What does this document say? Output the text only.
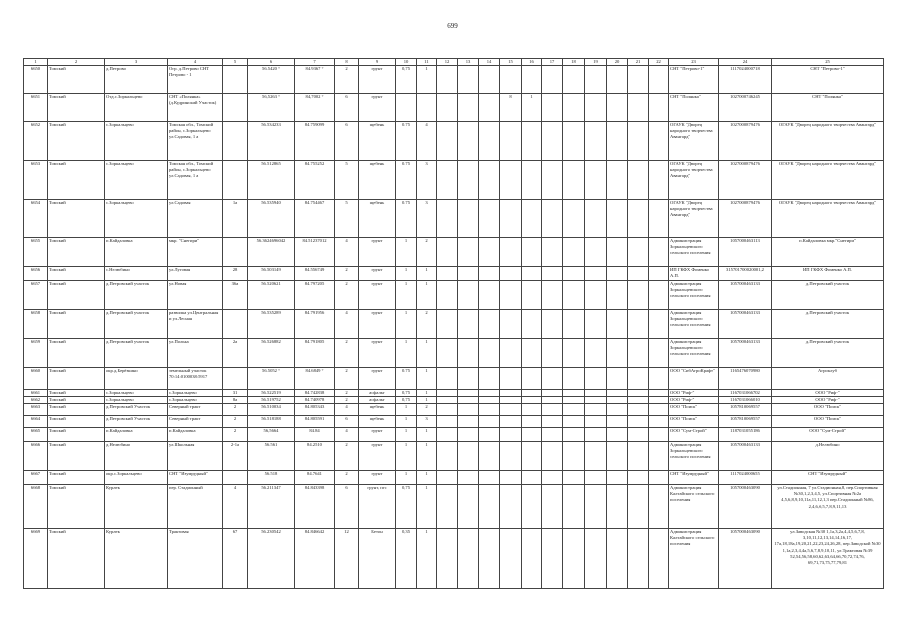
699
1	2	3	4	5	6	7	8	9	10	11	12	13	14	15	16	17	18	19	20	21	22	23	24	25
6650	Томский	д.Петрово	Огр. д.Петрово СНТ Петрово - 1		56.5420 °	84.9367 °	2	грунт	0,75	1												СНТ "Петрово-1"	1117024000718	СНТ "Петрово-1"
6651	Томский	Отд.с.Зоркальцево	СНТ «Полянка» (д.Кудринский Участок)		56,5263 °	84,7002 °	6	грунт						8	1							СНТ "Полянка"	1027000746245	СНТ "Полянка"
6652	Томский	с.Зоркальцево	Томская обл., Томский район, с.Зоркальцево ул.Садовая, 1 а		56.534233	84.759099	6	щебень	0.75	4												ОГАУК "Дворец народного творчества Авангард"	1027000879476	ОГАУК "Дворец народного творчества Авангард"
6653	Томский	с.Зоркальцево	Томская обл., Томский район, с.Зоркальцево ул.Садовая, 1 а		56.512865	84.755252	5	щебень	0.75	3												ОГАУК "Дворец народного творчества Авангард"	1027000879476	ОГАУК "Дворец народного творчества Авангард"
6654	Томский	с.Зоркальцево	ул.Садовая	1а	56.535940	84.754467	5	щебень	0.75	3												ОГАУК "Дворец народного творчества Авангард"	1027000879476	ОГАУК "Дворец народного творчества Авангард"
6655	Томский	п.Кайдаловка	мкр. "Снегири"		56.3624696042	84.51237012	4	грунт	1	2												Администрация Зоркальцевского сельского поселения	1057000463113	п.Кайдаловка мкр."Снегири"
6656	Томский	с.Нелюбино	ул.Луговая	28	56.503149	84.556749	2	грунт	1	1												ИП ГКФХ Фоменко А.П.	315701700020001,2	ИП ГКФХ Фоменко А.П.
6657	Томский	д.Петровский участок	ул.Новая	36а	56.520621	84.797205	2	грунт	1	1												Администрация Зоркальцевского сельского поселения	1057000463133	д.Петровский участок
6658	Томский	д.Петровский участок	развилка ул.Центральная и ул.Лесная		56.535289	84.791956	4	грунт	1	2												Администрация Зоркальцевского сельского поселения	1057000463133	д.Петровский участок
6659	Томский	д.Петровский участок	ул.Полька	2а	56.526882	84.791805	2	грунт	1	1												Администрация Зоркальцевского сельского поселения	1057000463133	д.Петровский участок
6660	Томский	окр.д.Берёзкино	земельный участок 70:14:0100038:5917		56.5052 °	84.6849 °	2	грунт	0.75	1												ООО "СибАгроКрафт"	1165476070980	Агроклуб
6661	Томский	с.Зоркальцево	с.Зоркальцево	31	56.522519	84.742838	2	асфальт	0,75	1												ООО "Риф-"	1167031066702	ООО "Риф-"
6662	Томский	с.Зоркальцево	с.Зоркальцево	8а	56.519752	84.740978	2	асфальт	0,75	1												ООО "Риф-"	1167031066010	ООО "Риф-"
6663	Томский	д.Петровский Участок	Северный тракт	2	56.510034	84.805343	4	щебень	1	2												ООО "Поиск"	1057810069557	ООО "Поиск"
6664	Томский	д.Петровский Участок	Северный тракт	2	56.518188	84.805591	6	щебень	1	3												ООО "Поиск"	1057810069557	ООО "Поиск"
6665	Томский	п.Кайдаловка	п.Кайдаловка	2	56,5664	84.84	4	грунт	1	1												ООО "Сум-Строй"	1187031055186	ООО "Сум-Строй"
6666	Томский	д.Нелюбино	ул.Школьная	2-1а	56.561	84.2510	2	грунт	1	1												Администрация Зоркальцевского сельского поселения	1057000463133	д.Нелюбино
6667	Томский	окр.с.Зоркальцево	СНТ "Изумрудный"		56.518	84.7641	2	грунт	1	1												СНТ "Изумрудный"	1117024000655	СНТ "Изумрудный"
6668	Томский	Курлек	пер. Стадионный	4	56.211347	84.843398	6	грунт, пгс	0,75	1												Администрация Калтайского сельского поселения	1057000463090	ул.Стадионная, 7 ул.Стадионная,8, пер.Спортивная №30,1,2,3,4,5, ул.Спортивная №2а 4,5,6,8,9,10,11а,11,12,1,3 пер.Стадионный №86, 2,4,6,б,5,7,8,9,11,13
6669	Томский	Курлек	Трактовая	67	56.230542	84.846642	12	Бетон	0,35	1												Администрация Калтайского сельского поселения	1057000463090	ул.Заводская №30 1,1а,3,2а,4,4,5,6,7,8, 3,10,11,12,13,14,14,16,17, 17а,18,18а,19,20,21,22,23,24,26,28, пер.Заводской №30 1,1а,2,3,4,4а,5,6,7,8,9,10,11, ул.Трактовая №39 52,54,56,58,60,62,63,64,66,70,72,74,76, 69,71,73,75,77,79,81
